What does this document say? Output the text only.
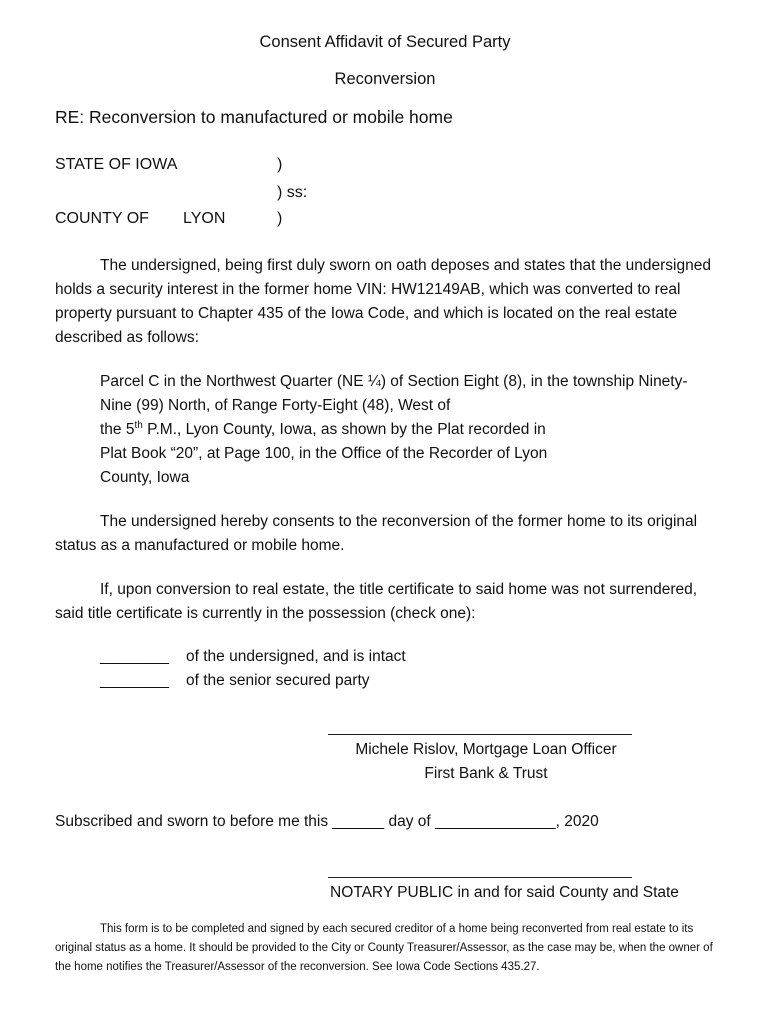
Consent Affidavit of Secured Party
Reconversion
RE: Reconversion to manufactured or mobile home
STATE OF IOWA	)
) ss:
COUNTY OF LYON	)

The undersigned, being first duly sworn on oath deposes and states that the undersigned holds a security interest in the former home VIN: HW12149AB, which was converted to real property pursuant to Chapter 435 of the Iowa Code, and which is located on the real estate described as follows:

Parcel C in the Northwest Quarter (NE ¼) of Section Eight (8), in the township Ninety-
Nine (99) North, of Range Forty-Eight (48), West of
the 5th P.M., Lyon County, Iowa, as shown by the Plat recorded in
Plat Book “20”, at Page 100, in the Office of the Recorder of Lyon
County, Iowa

The undersigned hereby consents to the reconversion of the former home to its original status as a manufactured or mobile home.

If, upon conversion to real estate, the title certificate to said home was not surrendered, said title certificate is currently in the possession (check one):

________ of the undersigned, and is intact
________ of the senior secured party
Michele Rislov, Mortgage Loan Officer
First Bank & Trust
Subscribed and sworn to before me this ______ day of ______________, 2020
NOTARY PUBLIC in and for said County and State

This form is to be completed and signed by each secured creditor of a home being reconverted from real estate to its original status as a home. It should be provided to the City or County Treasurer/Assessor, as the case may be, when the owner of the home notifies the Treasurer/Assessor of the reconversion. See Iowa Code Sections 435.27.
